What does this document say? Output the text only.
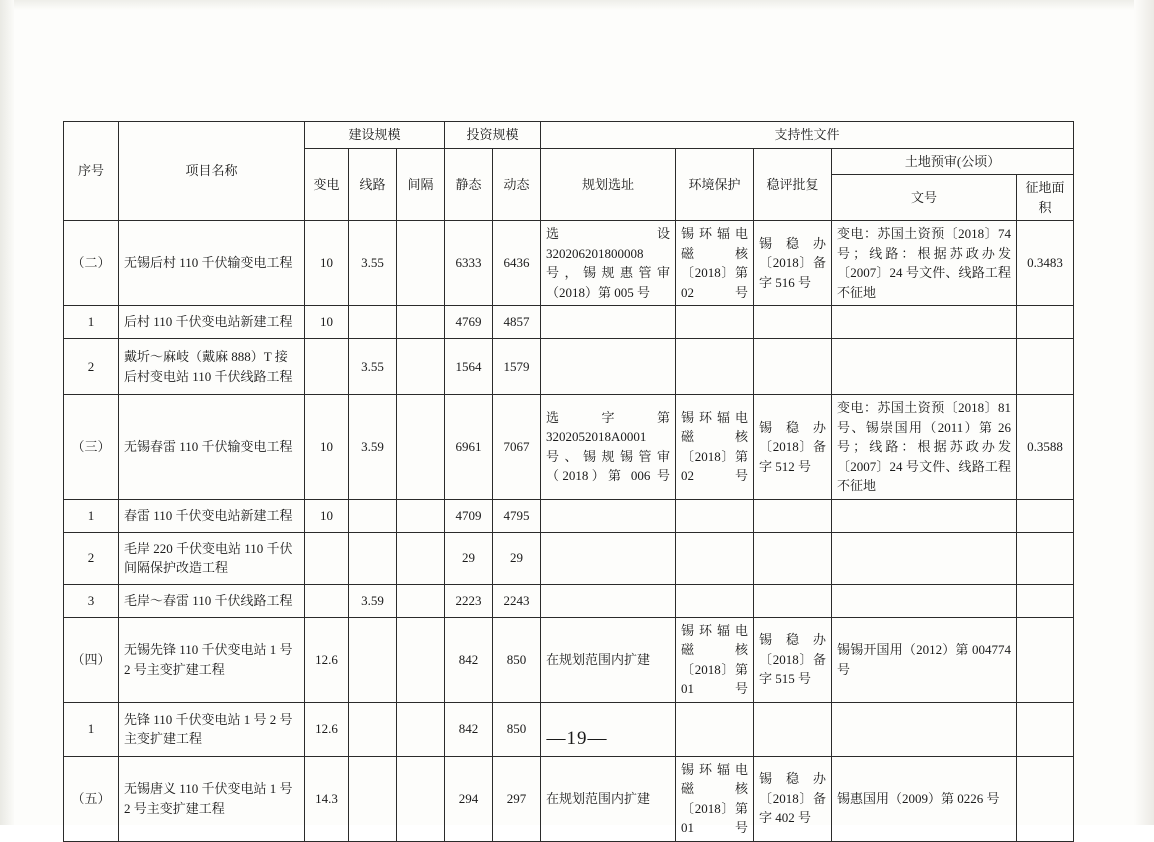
序号	项目名称	建设规模			投资规模		支持性文件				
		变电	线路	间隔	静态	动态	规划选址	环境保护	稳评批复	土地预审(公顷）	
										文号	征地面积
（二）	无锡后村 110 千伏输变电工程	10	3.55		6333	6436	选设 320206201800008 号，锡规惠管审（2018）第 005 号	锡 环 辐 电 磁 核〔2018〕第 02 号	锡稳办〔2018〕备字 516 号	变电：苏国土资预〔2018〕74 号；线路：根据苏政办发〔2007〕24 号文件、线路工程不征地	0.3483
1	后村 110 千伏变电站新建工程	10			4769	4857					
2	戴圻～麻岐（戴麻 888）T 接后村变电站 110 千伏线路工程		3.55		1564	1579					
（三）	无锡春雷 110 千伏输变电工程	10	3.59		6961	7067	选 字 第 3202052018A0001 号、锡规锡管审（2018）第 006 号	锡 环 辐 电 磁 核〔2018〕第 02 号	锡稳办〔2018〕备字 512 号	变电：苏国土资预〔2018〕81 号、锡崇国用（2011）第 26 号；线路：根据苏政办发〔2007〕24 号文件、线路工程不征地	0.3588
1	春雷 110 千伏变电站新建工程	10			4709	4795					
2	毛岸 220 千伏变电站 110 千伏间隔保护改造工程				29	29					
3	毛岸～春雷 110 千伏线路工程		3.59		2223	2243					
（四）	无锡先锋 110 千伏变电站 1 号 2 号主变扩建工程	12.6			842	850	在规划范围内扩建	锡 环 辐 电 磁 核〔2018〕第 01 号	锡稳办〔2018〕备字 515 号	锡锡开国用（2012）第 004774 号	
1	先锋 110 千伏变电站 1 号 2 号主变扩建工程	12.6			842	850					
（五）	无锡唐义 110 千伏变电站 1 号 2 号主变扩建工程	14.3			294	297	在规划范围内扩建	锡 环 辐 电 磁 核〔2018〕第 01 号	锡稳办〔2018〕备字 402 号	锡惠国用（2009）第 0226 号	
—19—
